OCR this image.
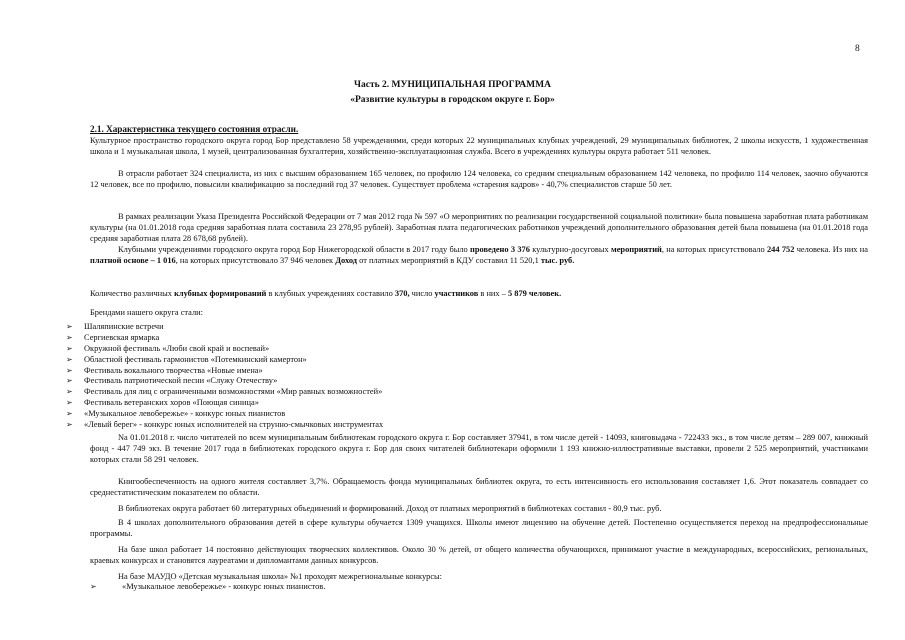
8
Часть 2. МУНИЦИПАЛЬНАЯ ПРОГРАММА
«Развитие культуры в городском округе г. Бор»
2.1. Характеристика текущего состояния отрасли.
Культурное пространство городского округа город Бор представлено 58 учреждениями, среди которых 22 муниципальных клубных учреждений, 29 муниципальных библиотек, 2 школы искусств, 1 художественная школа и 1 музыкальная школа, 1 музей, централизованная бухгалтерия, хозяйственно-эксплуатационная служба. Всего в учреждениях культуры округа работает 511 человек.
В отрасли работает 324 специалиста, из них с высшим образованием 165 человек, по профилю 124 человека, со средним специальным образованием 142 человека, по профилю 114 человек, заочно обучаются 12 человек, все по профилю, повысили квалификацию за последний год 37 человек. Существует проблема «старения кадров» - 40,7% специалистов старше 50 лет.
В рамках реализации Указа Президента Российской Федерации от 7 мая 2012 года № 597 «О мероприятиях по реализации государственной социальной политики» была повышена заработная плата работникам культуры (на 01.01.2018 года средняя заработная плата составила 23 278,95 рублей). Заработная плата педагогических работников учреждений дополнительного образования детей была повышена (на 01.01.2018 года средняя заработная плата 28 678,68 рублей).
Клубными учреждениями городского округа город Бор Нижегородской области в 2017 году было проведено 3 376 культурно-досуговых мероприятий, на которых присутствовало 244 752 человека. Из них на платной основе – 1 016, на которых присутствовало 37 946 человек Доход от платных мероприятий в КДУ составил 11 520,1 тыс. руб.
Количество различных клубных формирований в клубных учреждениях составило 370, число участников в них – 5 879 человек.
Брендами нашего округа стали:
➢ Шаляпинские встречи
➢ Сергиевская ярмарка
➢ Окружной фестиваль «Люби свой край и воспевай»
➢ Областной фестиваль гармонистов «Потемкинский камертон»
➢ Фестиваль вокального творчества «Новые имена»
➢ Фестиваль патриотической песни «Служу Отечеству»
➢ Фестиваль для лиц с ограниченными возможностями «Мир равных возможностей»
➢ Фестиваль ветеранских хоров «Поющая синица»
➢ «Музыкальное левобережье» - конкурс юных пианистов
➢ «Левый берег» - конкурс юных исполнителей на струнно-смычковых инструментах
Na 01.01.2018 г. число читателей по всем муниципальным библиотекам городского округа г. Бор составляет 37941, в том числе детей - 14093, книговыдача - 722433 экз., в том числе детям – 289 007, книжный фонд - 447 749 экз. В течение 2017 года в библиотеках городского округа г. Бор для своих читателей библиотекари оформили 1 193 книжно-иллюстративные выставки, провели 2 525 мероприятий, участниками которых стали 58 291 человек.
Книгообеспеченность на одного жителя составляет 3,7%. Обращаемость фонда муниципальных библиотек округа, то есть интенсивность его использования составляет 1,6. Этот показатель совпадает со среднестатистическим показателем по области.
В библиотеках округа работает 60 литературных объединений и формирований. Доход от платных мероприятий в библиотеках составил - 80,9 тыс. руб.
В 4 школах дополнительного образования детей в сфере культуры обучается 1309 учащихся. Школы имеют лицензию на обучение детей. Постепенно осуществляется переход на предпрофессиональные программы.
На базе школ работает 14 постоянно действующих творческих коллективов. Около 30 % детей, от общего количества обучающихся, принимают участие в международных, всероссийских, региональных, краевых конкурсах и становятся лауреатами и дипломантами данных конкурсов.
На базе МАУДО «Детская музыкальная школа» №1 проходят межрегиональные конкурсы:
➢	«Музыкальное левобережье» - конкурс юных пианистов.
